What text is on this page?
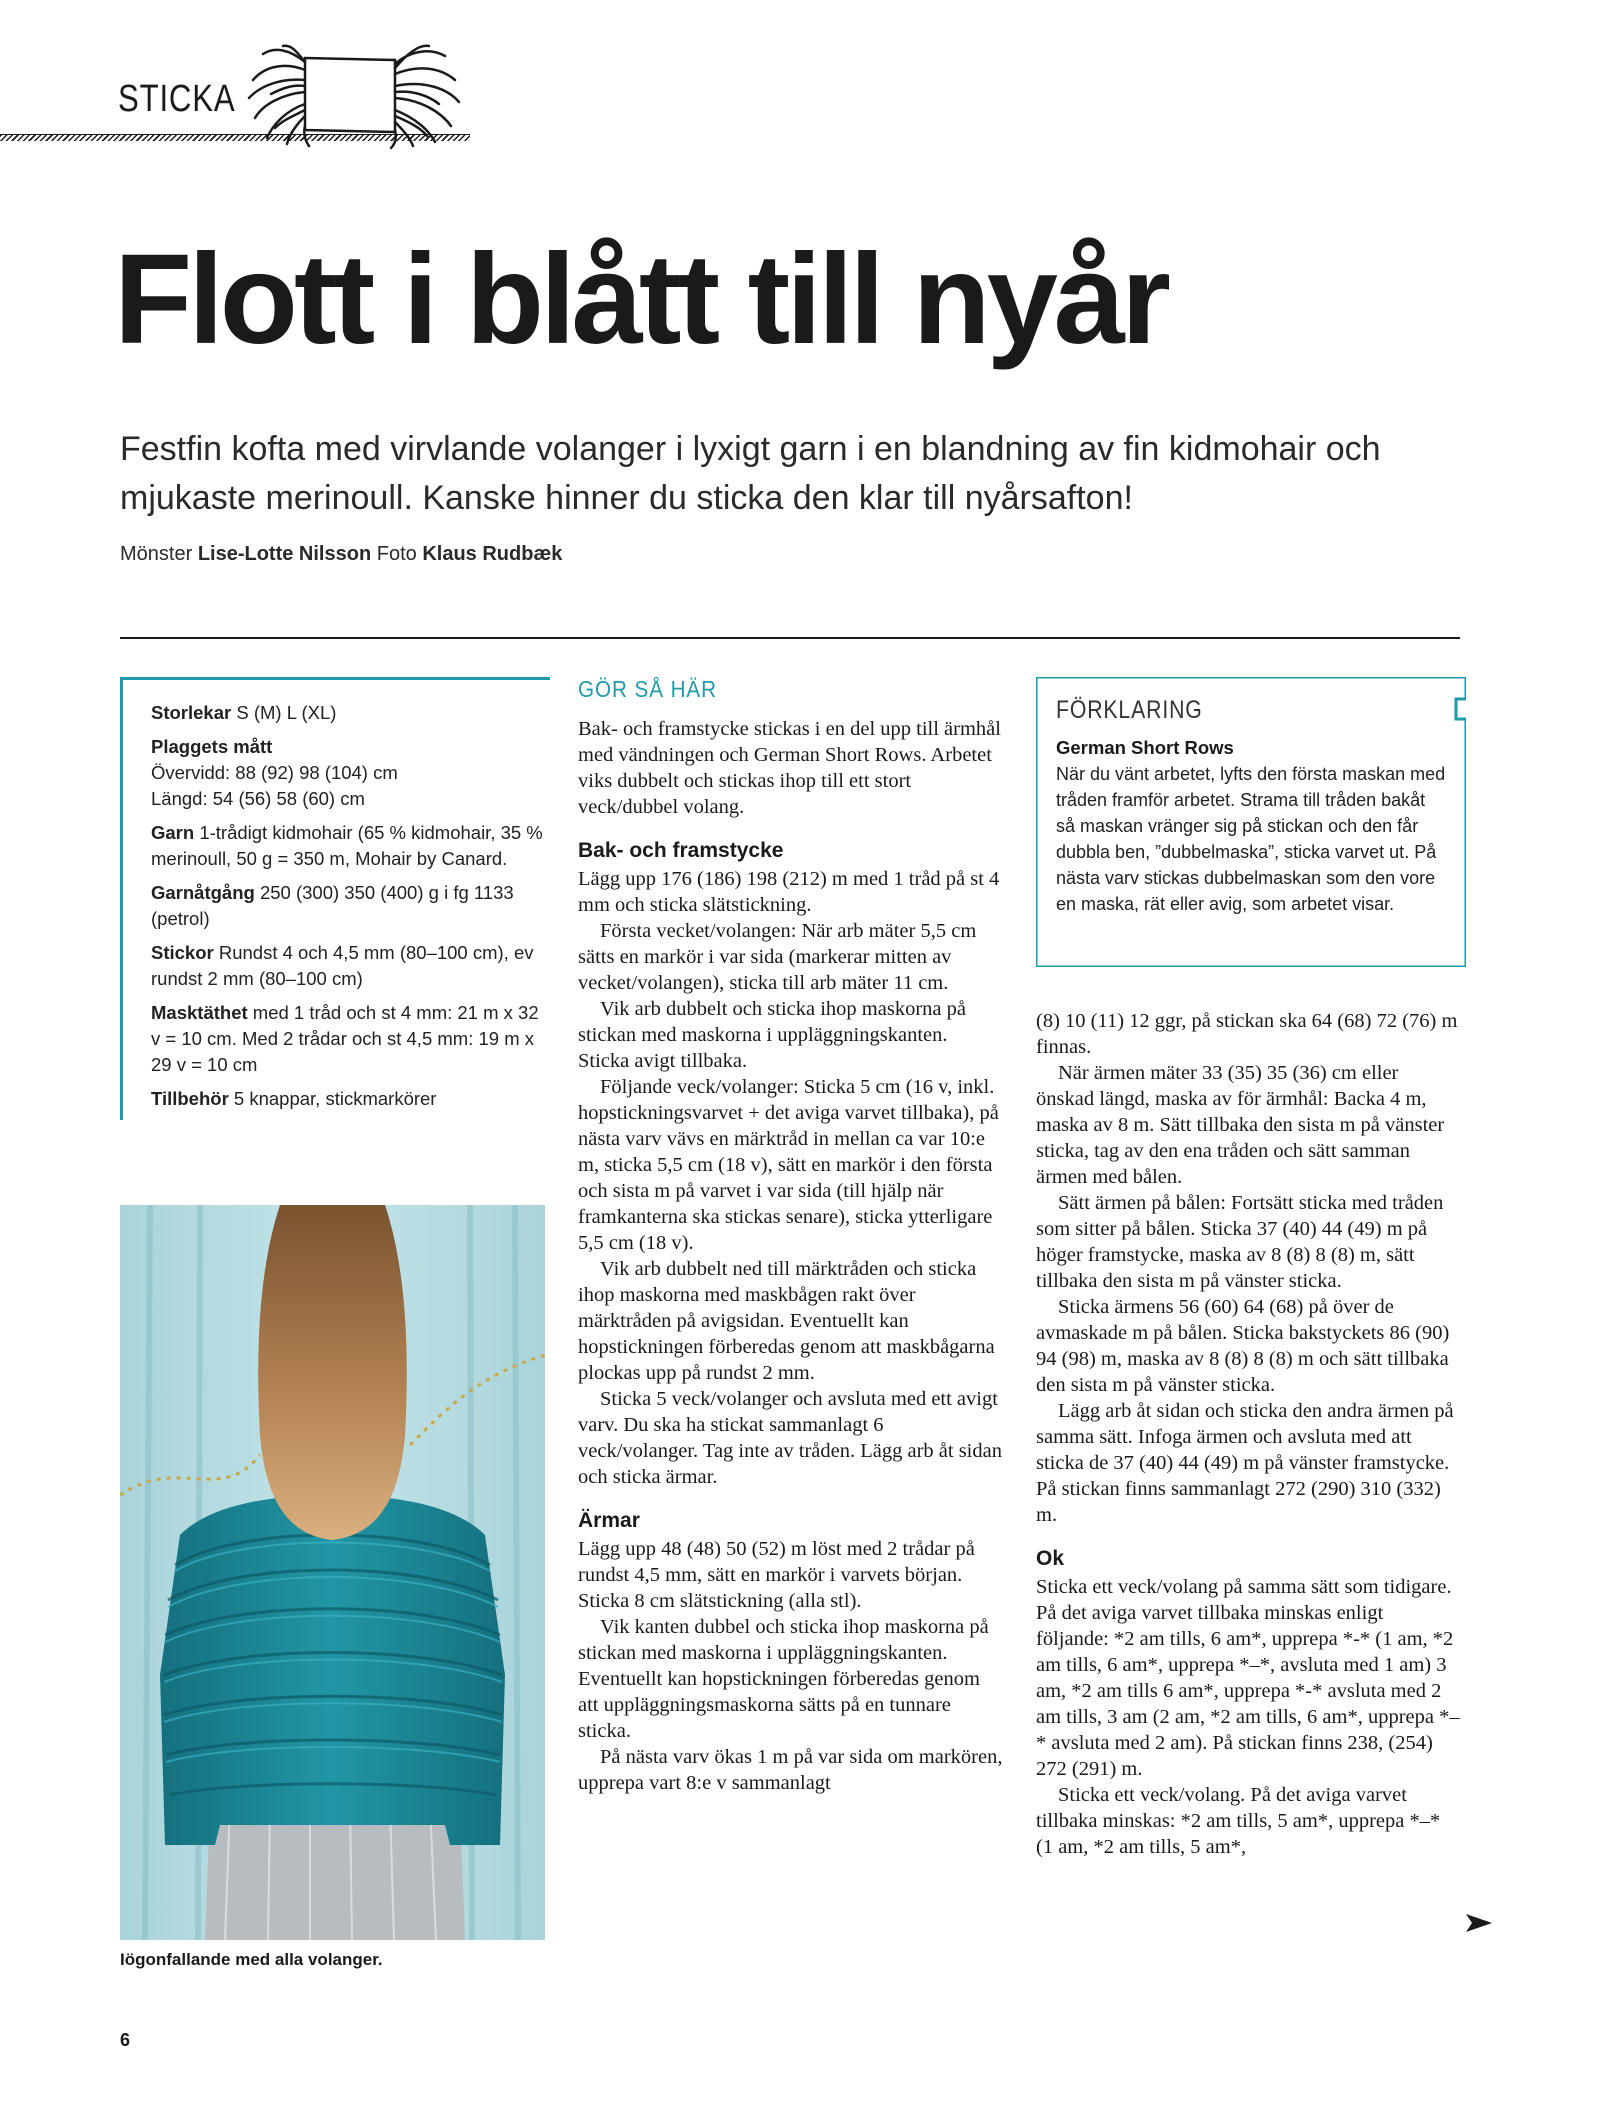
STICKA
Flott i blått till nyår
Festfin kofta med virvlande volanger i lyxigt garn i en blandning av fin kidmohair och mjukaste merinoull. Kanske hinner du sticka den klar till nyårsafton!
Mönster Lise-Lotte Nilsson Foto Klaus Rudbæk
Storlekar S (M) L (XL)
Plaggets mått
Övervidd: 88 (92) 98 (104) cm
Längd: 54 (56) 58 (60) cm
Garn 1-trådigt kidmohair (65 % kidmohair, 35 % merinoull, 50 g = 350 m, Mohair by Canard.
Garnåtgång 250 (300) 350 (400) g i fg 1133 (petrol)
Stickor Rundst 4 och 4,5 mm (80–100 cm), ev rundst 2 mm (80–100 cm)
Masktäthet med 1 tråd och st 4 mm: 21 m x 32 v = 10 cm. Med 2 trådar och st 4,5 mm: 19 m x 29 v = 10 cm
Tillbehör 5 knappar, stickmarkörer
Iögonfallande med alla volanger.
GÖR SÅ HÄR

Bak- och framstycke stickas i en del upp till ärmhål med vändningen och German Short Rows. Arbetet viks dubbelt och stickas ihop till ett stort veck/dubbel volang.

Bak- och framstycke

Lägg upp 176 (186) 198 (212) m med 1 tråd på st 4 mm och sticka slätstickning.

Första vecket/volangen: När arb mäter 5,5 cm sätts en markör i var sida (markerar mitten av vecket/volangen), sticka till arb mäter 11 cm.

Vik arb dubbelt och sticka ihop maskorna på stickan med maskorna i uppläggningskanten. Sticka avigt tillbaka.

Följande veck/volanger: Sticka 5 cm (16 v, inkl. hopstickningsvarvet + det aviga varvet tillbaka), på nästa varv vävs en märktråd in mellan ca var 10:e m, sticka 5,5 cm (18 v), sätt en markör i den första och sista m på varvet i var sida (till hjälp när framkanterna ska stickas senare), sticka ytterligare 5,5 cm (18 v).

Vik arb dubbelt ned till märktråden och sticka ihop maskorna med maskbågen rakt över märktråden på avigsidan. Eventuellt kan hopstickningen förberedas genom att maskbågarna plockas upp på rundst 2 mm.

Sticka 5 veck/volanger och avsluta med ett avigt varv. Du ska ha stickat sammanlagt 6 veck/volanger. Tag inte av tråden. Lägg arb åt sidan och sticka ärmar.

Ärmar

Lägg upp 48 (48) 50 (52) m löst med 2 trådar på rundst 4,5 mm, sätt en markör i varvets början. Sticka 8 cm slätstickning (alla stl).

Vik kanten dubbel och sticka ihop maskorna på stickan med maskorna i uppläggningskanten. Eventuellt kan hopstickningen förberedas genom att uppläggningsmaskorna sätts på en tunnare sticka.

På nästa varv ökas 1 m på var sida om markören, upprepa vart 8:e v sammanlagt

(8) 10 (11) 12 ggr, på stickan ska 64 (68) 72 (76) m finnas.

När ärmen mäter 33 (35) 35 (36) cm eller önskad längd, maska av för ärmhål: Backa 4 m, maska av 8 m. Sätt tillbaka den sista m på vänster sticka, tag av den ena tråden och sätt samman ärmen med bålen.

Sätt ärmen på bålen: Fortsätt sticka med tråden som sitter på bålen. Sticka 37 (40) 44 (49) m på höger framstycke, maska av 8 (8) 8 (8) m, sätt tillbaka den sista m på vänster sticka.

Sticka ärmens 56 (60) 64 (68) på över de avmaskade m på bålen. Sticka bakstyckets 86 (90) 94 (98) m, maska av 8 (8) 8 (8) m och sätt tillbaka den sista m på vänster sticka.

Lägg arb åt sidan och sticka den andra ärmen på samma sätt. Infoga ärmen och avsluta med att sticka de 37 (40) 44 (49) m på vänster framstycke. På stickan finns sammanlagt 272 (290) 310 (332) m.

Ok

Sticka ett veck/volang på samma sätt som tidigare. På det aviga varvet tillbaka minskas enligt följande: *2 am tills, 6 am*, upprepa *-* (1 am, *2 am tills, 6 am*, upprepa *–*, avsluta med 1 am) 3 am, *2 am tills 6 am*, upprepa *-* avsluta med 2 am tills, 3 am (2 am, *2 am tills, 6 am*, upprepa *–* avsluta med 2 am). På stickan finns 238, (254) 272 (291) m.

Sticka ett veck/volang. På det aviga varvet tillbaka minskas: *2 am tills, 5 am*, upprepa *–* (1 am, *2 am tills, 5 am*,

FÖRKLARING
German Short Rows
När du vänt arbetet, lyfts den första maskan med tråden framför arbetet. Strama till tråden bakåt så maskan vränger sig på stickan och den får dubbla ben, ”dubbelmaska”, sticka varvet ut. På nästa varv stickas dubbelmaskan som den vore en maska, rät eller avig, som arbetet visar.
6
